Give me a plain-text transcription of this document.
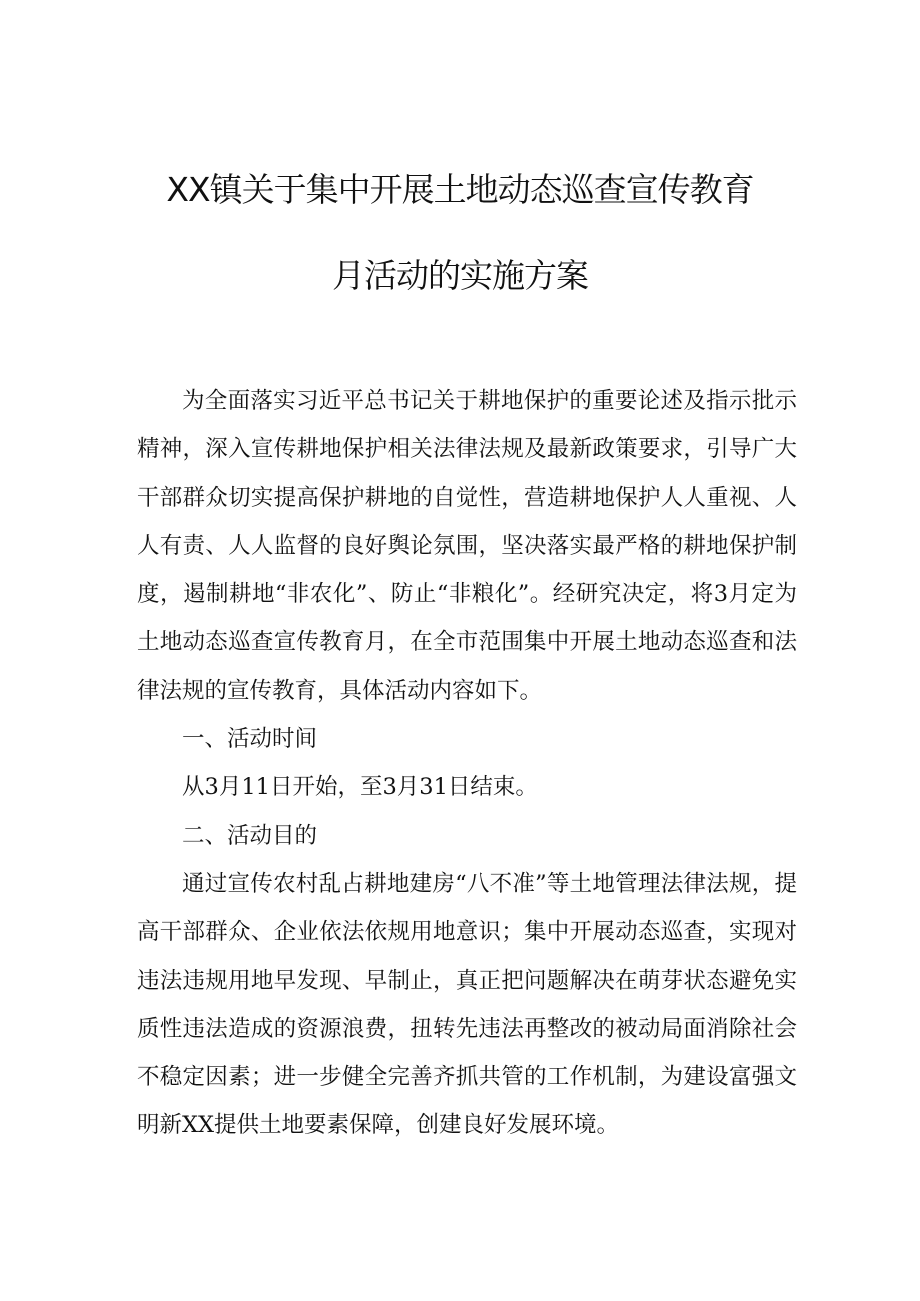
XX镇关于集中开展土地动态巡查宣传教育
月活动的实施方案

为全面落实习近平总书记关于耕地保护的重要论述及指示批示精神，深入宣传耕地保护相关法律法规及最新政策要求，引导广大干部群众切实提高保护耕地的自觉性，营造耕地保护人人重视、人人有责、人人监督的良好舆论氛围，坚决落实最严格的耕地保护制度，遏制耕地“非农化”、防止“非粮化”。经研究决定，将3月定为土地动态巡查宣传教育月，在全市范围集中开展土地动态巡查和法律法规的宣传教育，具体活动内容如下。

一、活动时间

从3月11日开始，至3月31日结束。

二、活动目的

通过宣传农村乱占耕地建房“八不准”等土地管理法律法规，提高干部群众、企业依法依规用地意识；集中开展动态巡查，实现对违法违规用地早发现、早制止，真正把问题解决在萌芽状态避免实质性违法造成的资源浪费，扭转先违法再整改的被动局面消除社会不稳定因素；进一步健全完善齐抓共管的工作机制，为建设富强文明新XX提供土地要素保障，创建良好发展环境。
